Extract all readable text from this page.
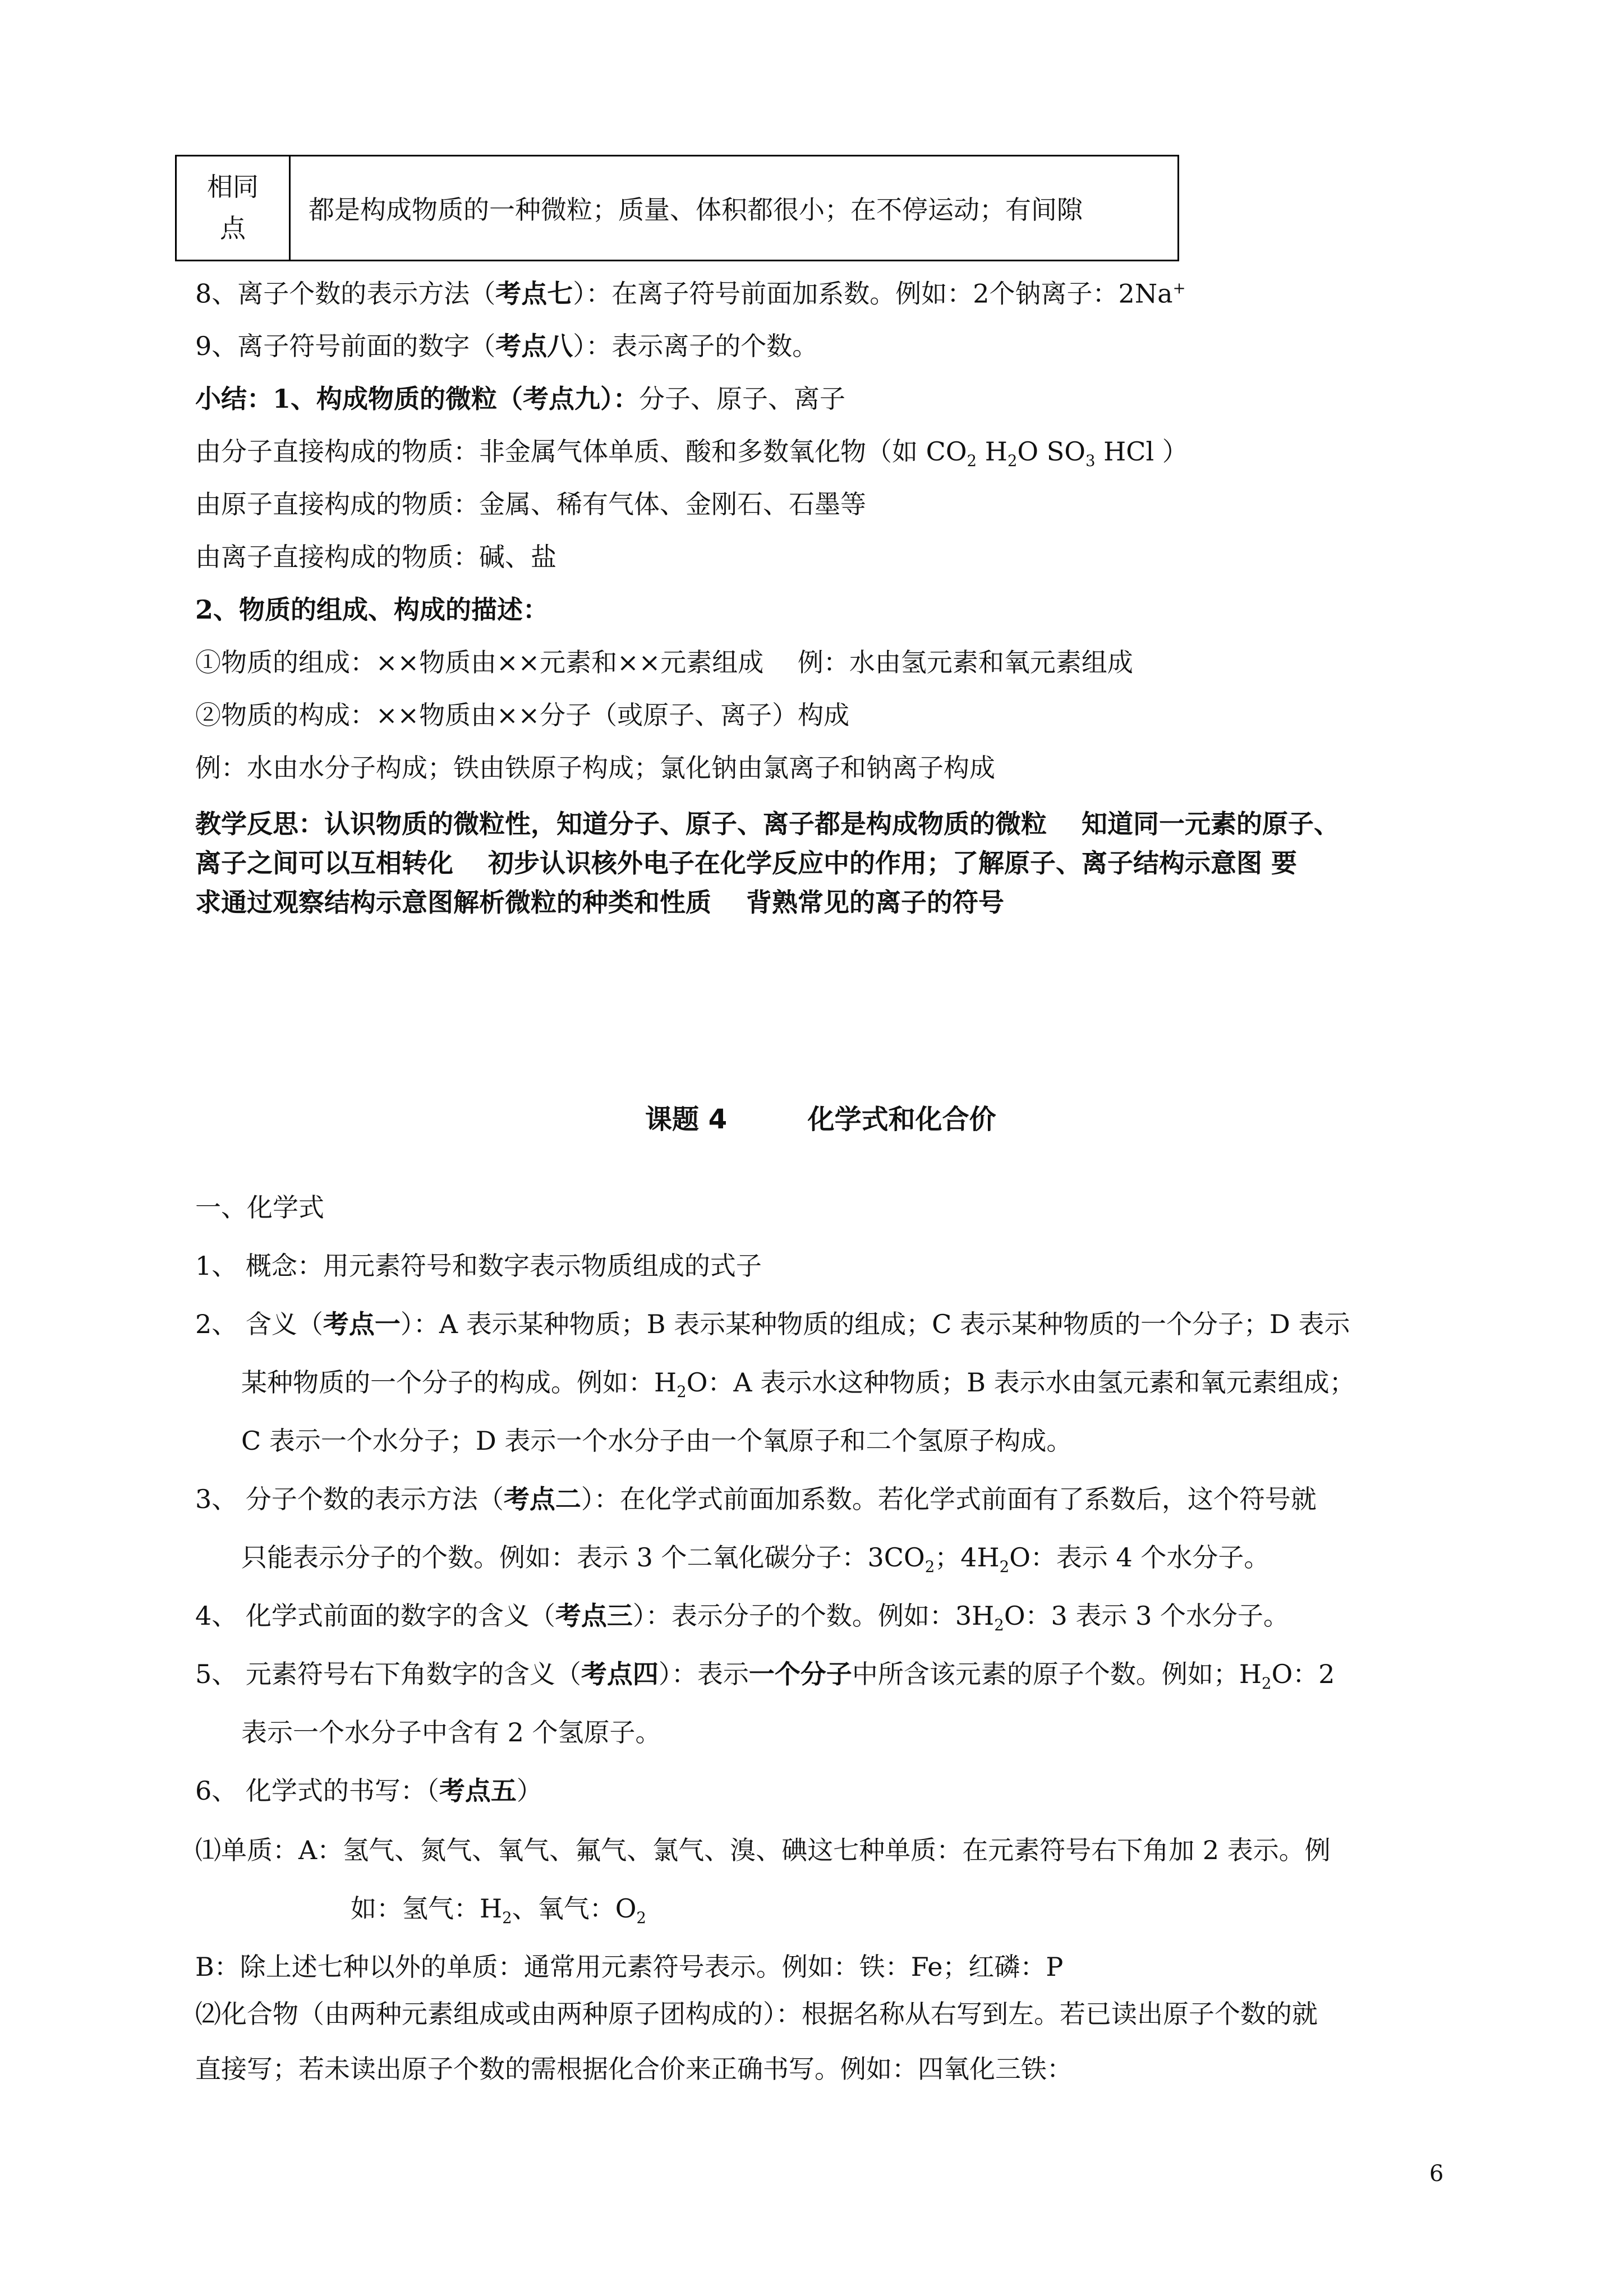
相同
点
都是构成物质的一种微粒；质量、体积都很小；在不停运动；有间隙
8、离子个数的表示方法（考点七）：在离子符号前面加系数。例如：2个钠离子：2Na+
9、离子符号前面的数字（考点八）：表示离子的个数。
小结：1、构成物质的微粒（考点九）：分子、原子、离子
由分子直接构成的物质：非金属气体单质、酸和多数氧化物（如 $CO_2$ $H_2O$ $SO_3$ HCl ）
由原子直接构成的物质：金属、稀有气体、金刚石、石墨等
由离子直接构成的物质：碱、盐
2、物质的组成、构成的描述：
①物质的组成：××物质由××元素和××元素组成　 例：水由氢元素和氧元素组成
②物质的构成：××物质由××分子（或原子、离子）构成
例：水由水分子构成；铁由铁原子构成；氯化钠由氯离子和钠离子构成
教学反思：认识物质的微粒性，知道分子、原子、离子都是构成物质的微粒　 知道同一元素的原子、
离子之间可以互相转化　 初步认识核外电子在化学反应中的作用；了解原子、离子结构示意图 要
求通过观察结构示意图解析微粒的种类和性质　 背熟常见的离子的符号
课题 4	化学式和化合价
一、化学式
1、 概念：用元素符号和数字表示物质组成的式子
2、 含义（考点一）：A 表示某种物质；B 表示某种物质的组成；C 表示某种物质的一个分子；D 表示
某种物质的一个分子的构成。例如：$H_2O$：A 表示水这种物质；B 表示水由氢元素和氧元素组成；
C 表示一个水分子；D 表示一个水分子由一个氧原子和二个氢原子构成。
3、 分子个数的表示方法（考点二）：在化学式前面加系数。若化学式前面有了系数后，这个符号就
只能表示分子的个数。例如：表示 3 个二氧化碳分子：$3CO_2$；$4H_2O$：表示 4 个水分子。
4、 化学式前面的数字的含义（考点三）：表示分子的个数。例如：$3H_2O$：3 表示 3 个水分子。
5、 元素符号右下角数字的含义（考点四）：表示一个分子中所含该元素的原子个数。例如；$H_2O$：2
表示一个水分子中含有 2 个氢原子。
6、 化学式的书写：（考点五）
⑴单质：A：氢气、氮气、氧气、氟气、氯气、溴、碘这七种单质：在元素符号右下角加 2 表示。例
如：氢气：$H_2$、氧气：$O_2$
B：除上述七种以外的单质：通常用元素符号表示。例如：铁：Fe；红磷：P
⑵化合物（由两种元素组成或由两种原子团构成的）：根据名称从右写到左。若已读出原子个数的就
直接写；若未读出原子个数的需根据化合价来正确书写。例如：四氧化三铁：
6
